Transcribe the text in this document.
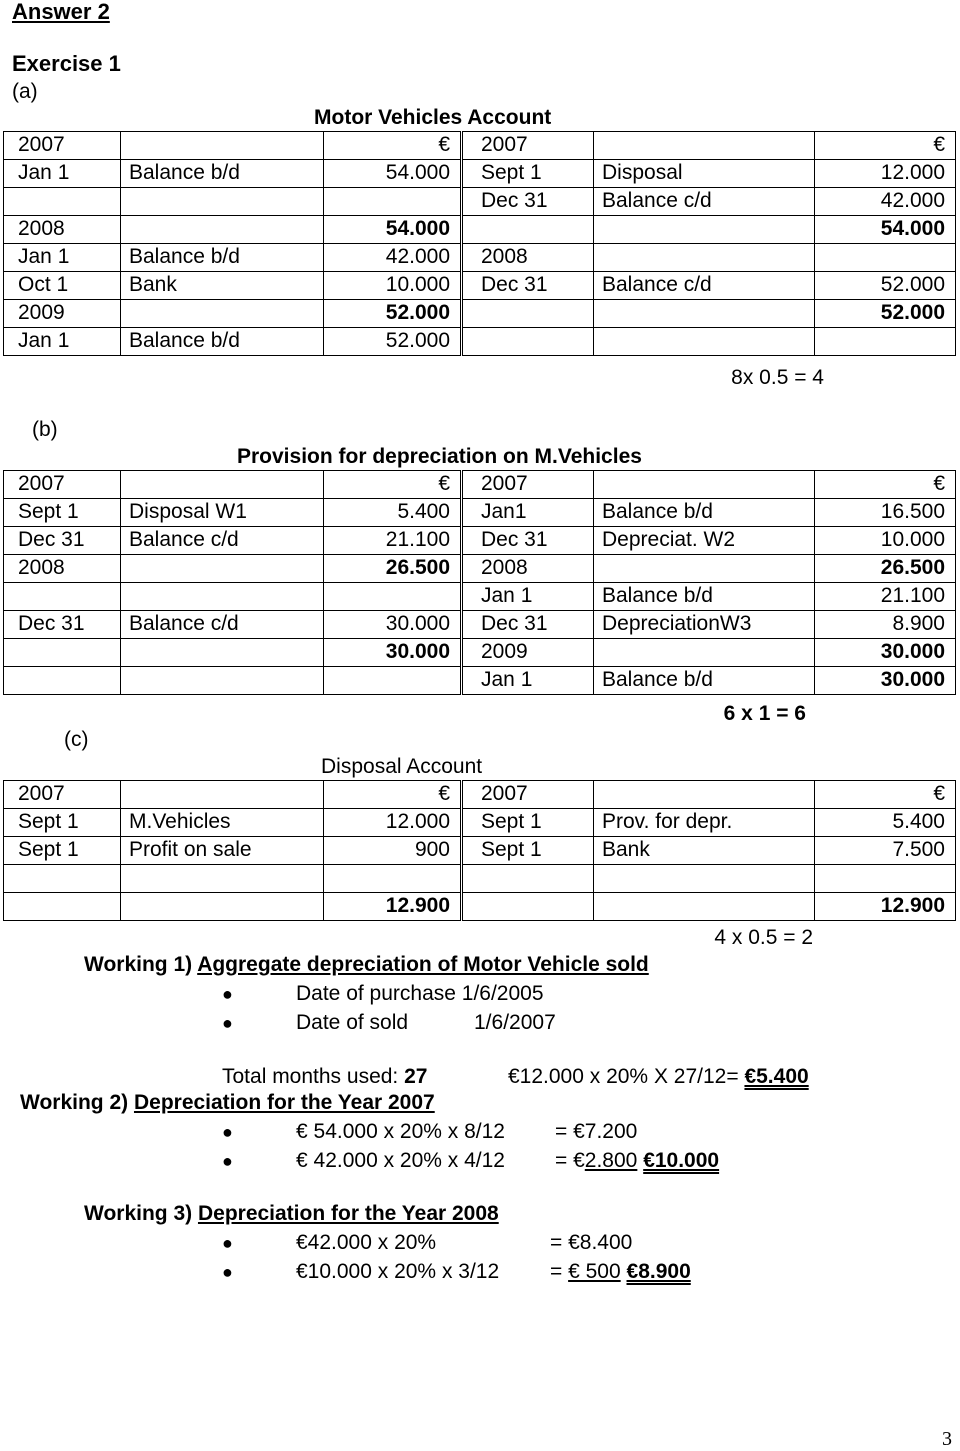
Answer 2
Exercise 1
(a)
Motor Vehicles Account
2007		€	2007		€
Jan 1	Balance b/d	54.000	Sept 1	Disposal	12.000
			Dec 31	Balance c/d	42.000
2008		54.000			54.000
Jan 1	Balance b/d	42.000	2008		
Oct 1	Bank	10.000	Dec 31	Balance c/d	52.000
2009		52.000			52.000
Jan 1	Balance b/d	52.000			
8x 0.5 = 4
(b)
Provision for depreciation on M.Vehicles
2007		€	2007		€
Sept 1	Disposal W1	5.400	Jan1	Balance b/d	16.500
Dec 31	Balance c/d	21.100	Dec 31	Depreciat. W2	10.000
2008		26.500	2008		26.500
			Jan 1	Balance b/d	21.100
Dec 31	Balance c/d	30.000	Dec 31	DepreciationW3	8.900
		30.000	2009		30.000
			Jan 1	Balance b/d	30.000
6 x 1 = 6
(c)
Disposal Account
2007		€	2007		€
Sept 1	M.Vehicles	12.000	Sept 1	Prov. for depr.	5.400
Sept 1	Profit on sale	900	Sept 1	Bank	7.500

		12.900			12.900
4 x 0.5 = 2
Working 1) Aggregate depreciation of Motor Vehicle sold
●	Date of purchase 1/6/2005
●	Date of sold	1/6/2007
Total months used: 27	€12.000 x 20% X 27/12= €5.400
Working 2) Depreciation for the Year 2007
●	€ 54.000 x 20% x 8/12 = €7.200
●	€ 42.000 x 20% x 4/12 = €2.800 €10.000
Working 3) Depreciation for the Year 2008
●	€42.000 x 20%	= €8.400
●	€10.000 x 20% x 3/12 = € 500 €8.900
3
